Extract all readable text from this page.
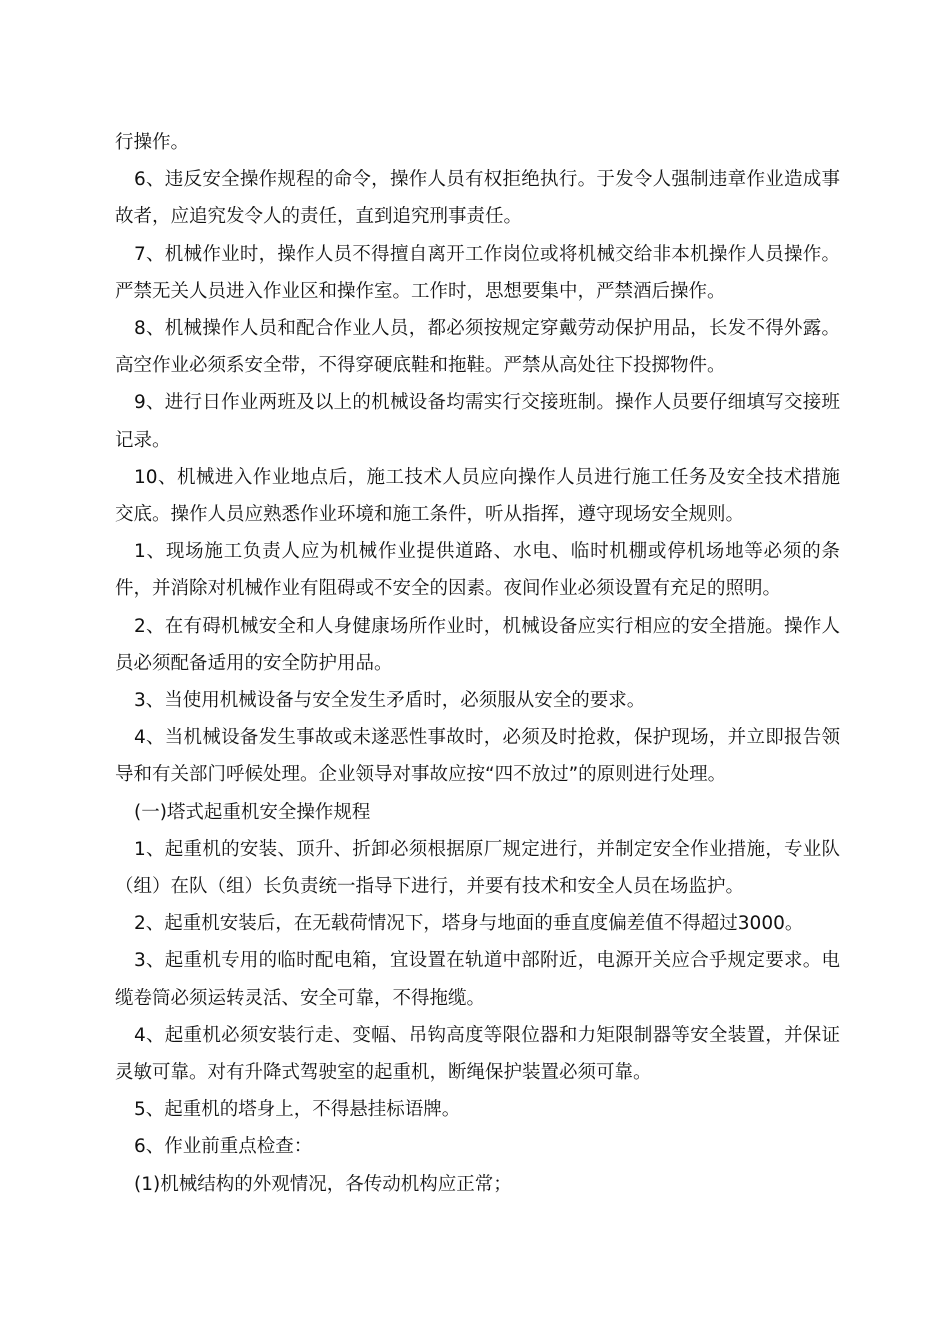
行操作。

6、违反安全操作规程的命令，操作人员有权拒绝执行。于发令人强制违章作业造成事故者，应追究发令人的责任，直到追究刑事责任。

7、机械作业时，操作人员不得擅自离开工作岗位或将机械交给非本机操作人员操作。严禁无关人员进入作业区和操作室。工作时，思想要集中，严禁酒后操作。

8、机械操作人员和配合作业人员，都必须按规定穿戴劳动保护用品，长发不得外露。高空作业必须系安全带，不得穿硬底鞋和拖鞋。严禁从高处往下投掷物件。

9、进行日作业两班及以上的机械设备均需实行交接班制。操作人员要仔细填写交接班记录。

10、机械进入作业地点后，施工技术人员应向操作人员进行施工任务及安全技术措施交底。操作人员应熟悉作业环境和施工条件，听从指挥，遵守现场安全规则。

1、现场施工负责人应为机械作业提供道路、水电、临时机棚或停机场地等必须的条件，并消除对机械作业有阻碍或不安全的因素。夜间作业必须设置有充足的照明。

2、在有碍机械安全和人身健康场所作业时，机械设备应实行相应的安全措施。操作人员必须配备适用的安全防护用品。

3、当使用机械设备与安全发生矛盾时，必须服从安全的要求。

4、当机械设备发生事故或未遂恶性事故时，必须及时抢救，保护现场，并立即报告领导和有关部门呼候处理。企业领导对事故应按“四不放过”的原则进行处理。

(一)塔式起重机安全操作规程

1、起重机的安装、顶升、折卸必须根据原厂规定进行，并制定安全作业措施，专业队（组）在队（组）长负责统一指导下进行，并要有技术和安全人员在场监护。

2、起重机安装后，在无载荷情况下，塔身与地面的垂直度偏差值不得超过3000。

3、起重机专用的临时配电箱，宜设置在轨道中部附近，电源开关应合乎规定要求。电缆卷筒必须运转灵活、安全可靠，不得拖缆。

4、起重机必须安装行走、变幅、吊钩高度等限位器和力矩限制器等安全装置，并保证灵敏可靠。对有升降式驾驶室的起重机，断绳保护装置必须可靠。

5、起重机的塔身上，不得悬挂标语牌。

6、作业前重点检查：

(1)机械结构的外观情况，各传动机构应正常；
